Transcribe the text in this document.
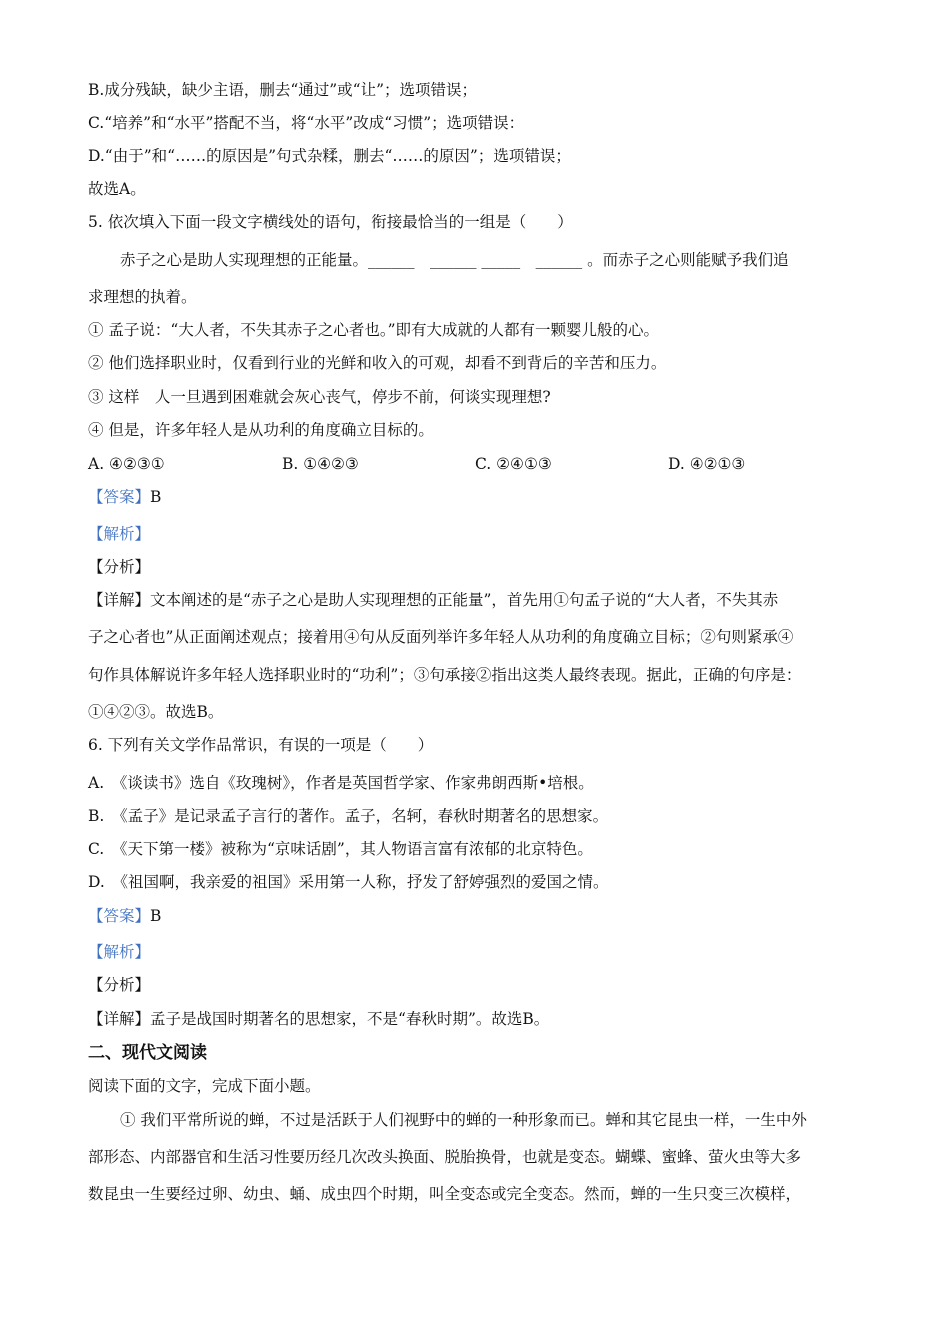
B.成分残缺，缺少主语，删去“通过”或“让”；选项错误；
C.“培养”和“水平”搭配不当，将“水平”改成“习惯”；选项错误：
D.“由于”和“……的原因是”句式杂糅，删去“……的原因”；选项错误；
故选A。
5. 依次填入下面一段文字横线处的语句，衔接最恰当的一组是（　　）
赤子之心是助人实现理想的正能量。______　______ _____　______ 。而赤子之心则能赋予我们追
求理想的执着。
① 孟子说：“大人者，不失其赤子之心者也。”即有大成就的人都有一颗婴儿般的心。
② 他们选择职业时，仅看到行业的光鲜和收入的可观，却看不到背后的辛苦和压力。
③ 这样　人一旦遇到困难就会灰心丧气，停步不前，何谈实现理想?
④ 但是，许多年轻人是从功利的角度确立目标的。
A. ④②③①	B. ①④②③	C. ②④①③	D. ④②①③
【答案】B
【解析】
【分析】
【详解】文本阐述的是“赤子之心是助人实现理想的正能量”，首先用①句孟子说的“大人者，不失其赤
子之心者也”从正面阐述观点；接着用④句从反面列举许多年轻人从功利的角度确立目标；②句则紧承④
句作具体解说许多年轻人选择职业时的“功利”；③句承接②指出这类人最终表现。据此，正确的句序是：
①④②③。故选B。
6. 下列有关文学作品常识，有误的一项是（　　）
A.　《谈读书》选自《玫瑰树》，作者是英国哲学家、作家弗朗西斯•培根。
B.　《孟子》是记录孟子言行的著作。孟子，名轲，春秋时期著名的思想家。
C.　《天下第一楼》被称为“京味话剧”，其人物语言富有浓郁的北京特色。
D.　《祖国啊，我亲爱的祖国》采用第一人称，抒发了舒婷强烈的爱国之情。
【答案】B
【解析】
【分析】
【详解】孟子是战国时期著名的思想家，不是“春秋时期”。故选B。
二、现代文阅读
阅读下面的文字，完成下面小题。
① 我们平常所说的蝉，不过是活跃于人们视野中的蝉的一种形象而已。蝉和其它昆虫一样，一生中外
部形态、内部器官和生活习性要历经几次改头换面、脱胎换骨，也就是变态。蝴蝶、蜜蜂、萤火虫等大多
数昆虫一生要经过卵、幼虫、蛹、成虫四个时期，叫全变态或完全变态。然而，蝉的一生只变三次模样，
